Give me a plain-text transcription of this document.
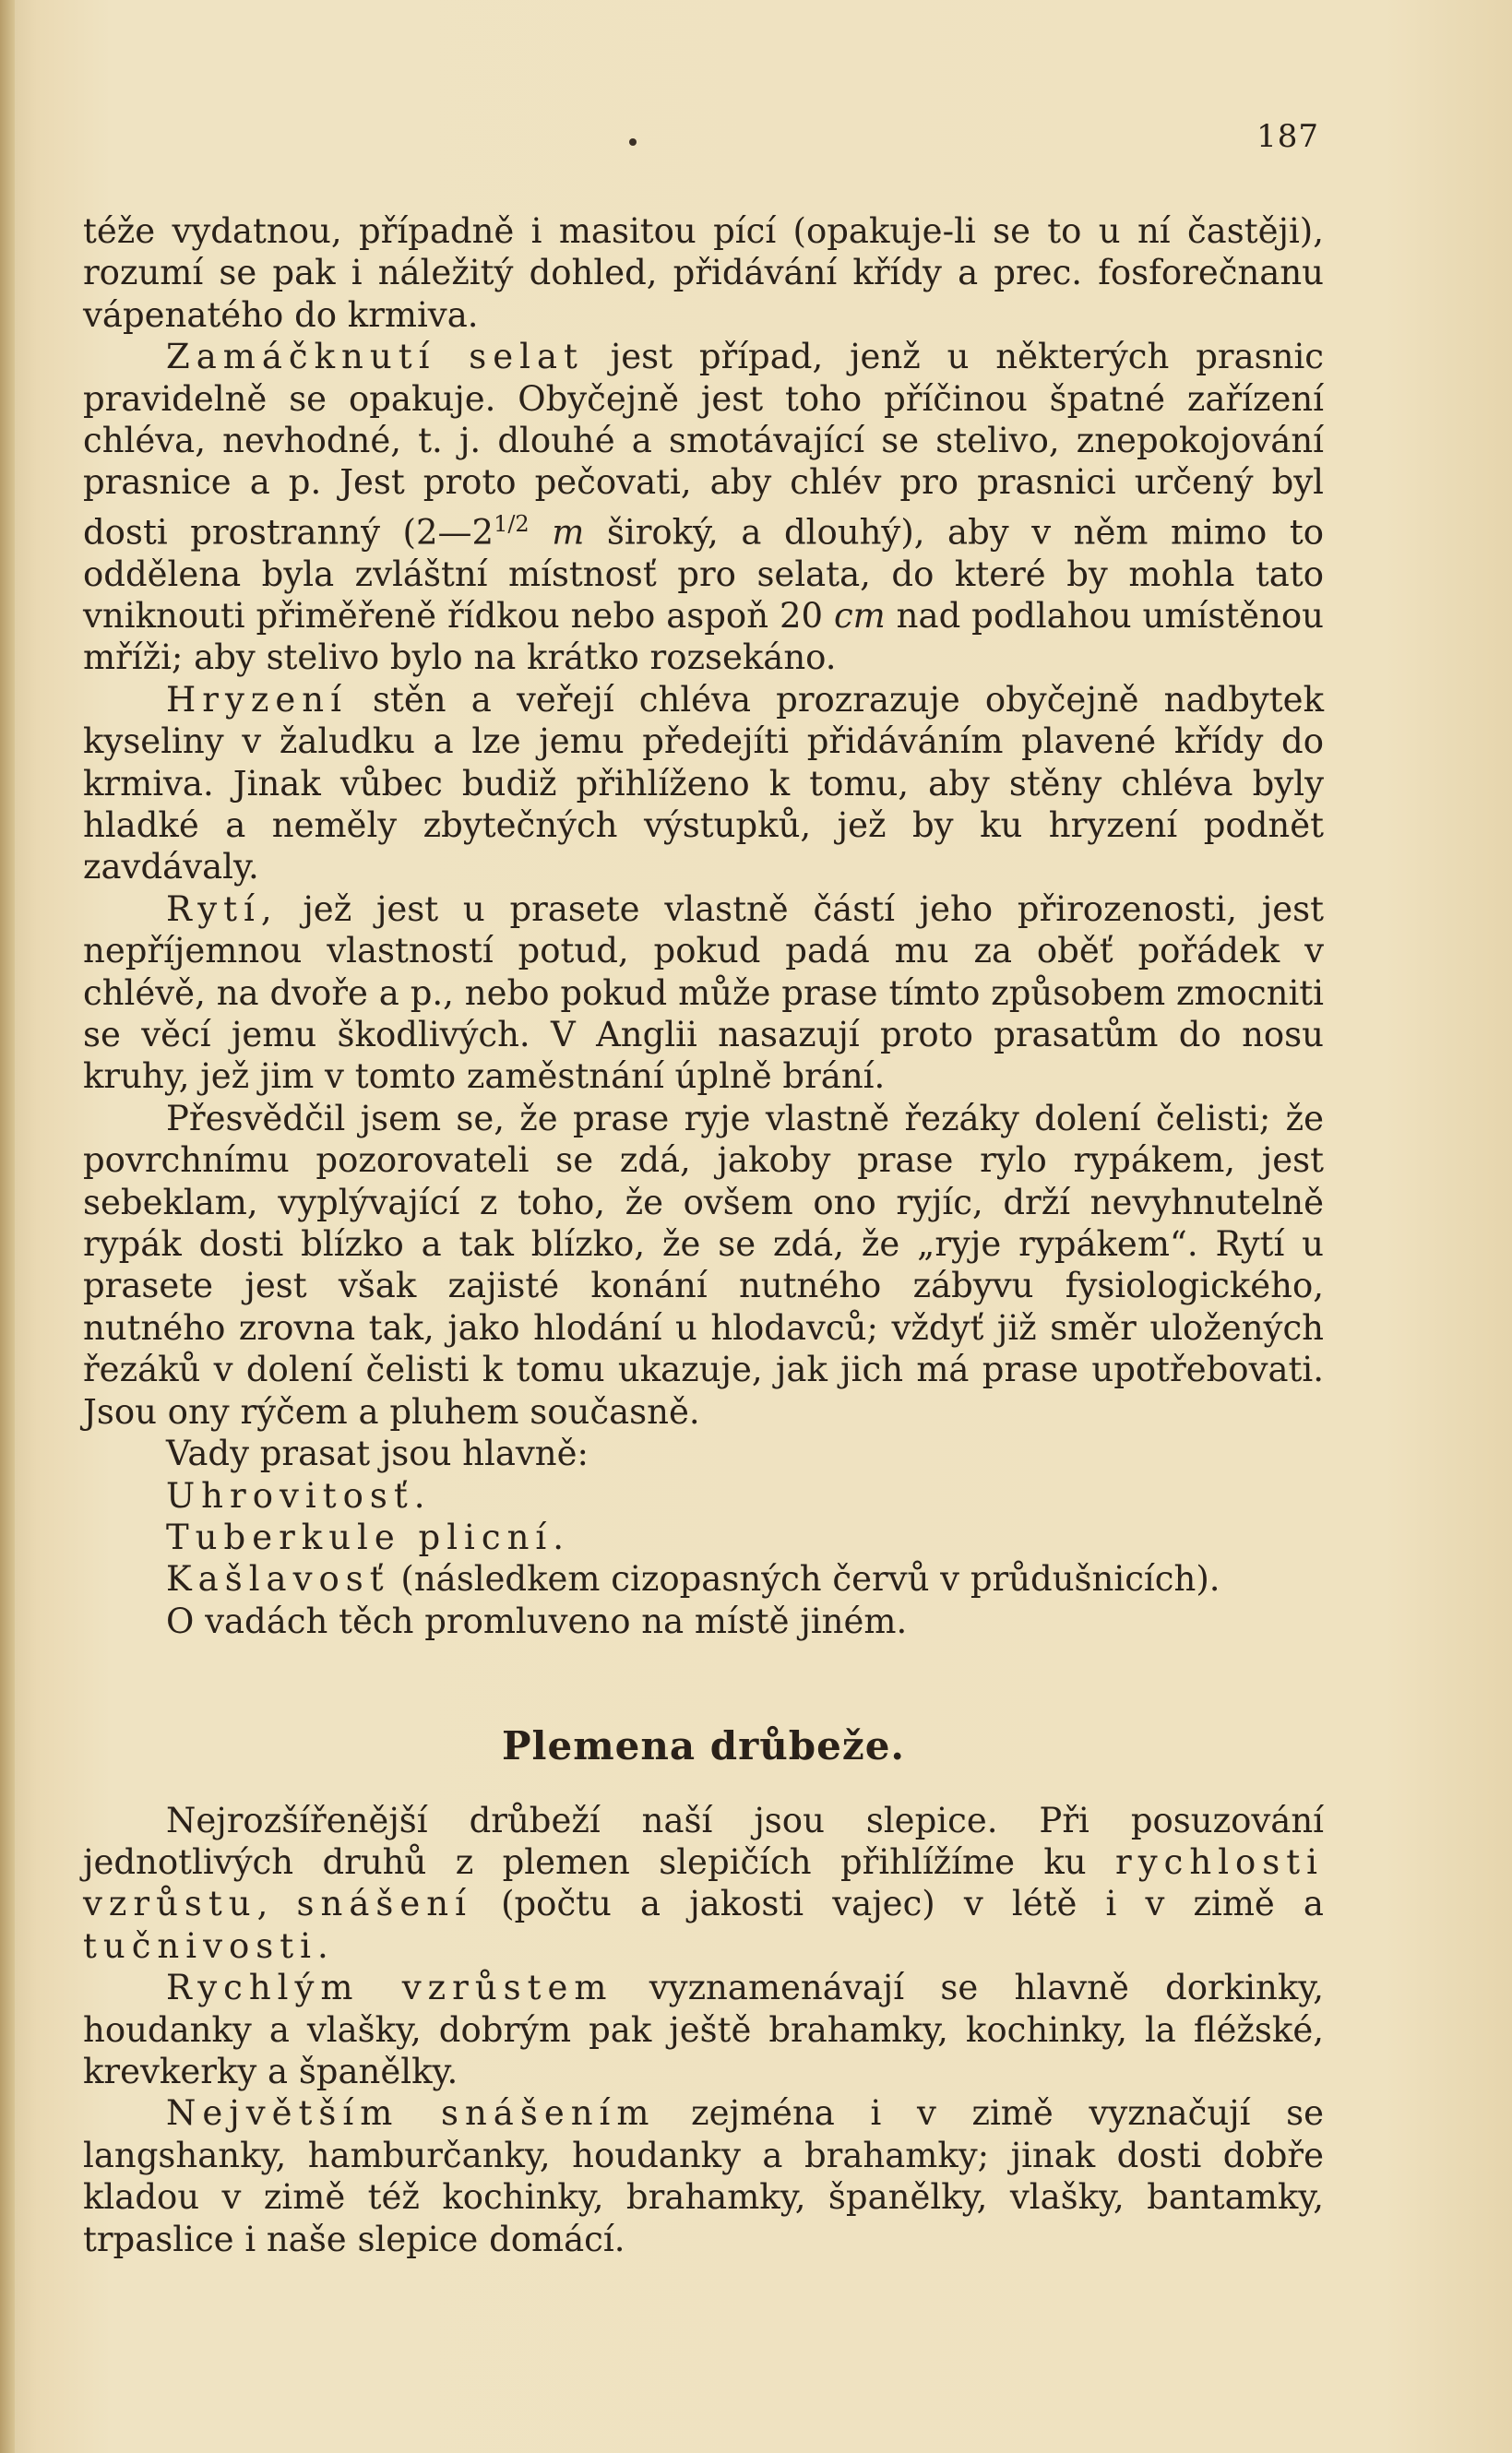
187

téže vydatnou, případně i masitou pící (opakuje-li se to u ní častěji), rozumí se pak i náležitý dohled, přidávání křídy a prec. fosforečnanu vápenatého do krmiva.

Zamáčknutí selat jest případ, jenž u některých prasnic pravidelně se opakuje. Obyčejně jest toho příčinou špatné zařízení chléva, nevhodné, t. j. dlouhé a smotávající se stelivo, znepokojování prasnice a p. Jest proto pečovati, aby chlév pro prasnici určený byl dosti prostranný ($2—2^{1/2}$ m široký, a dlouhý), aby v něm mimo to oddělena byla zvláštní místnosť pro selata, do které by mohla tato vniknouti přiměřeně řídkou nebo aspoň 20 cm nad podlahou umístěnou mříži; aby stelivo bylo na krátko rozsekáno.

Hryzení stěn a veřejí chléva prozrazuje obyčejně nadbytek kyseliny v žaludku a lze jemu předejíti přidáváním plavené křídy do krmiva. Jinak vůbec budiž přihlíženo k tomu, aby stěny chléva byly hladké a neměly zbytečných výstupků, jež by ku hryzení podnět zavdávaly.

Rytí, jež jest u prasete vlastně částí jeho přirozenosti, jest nepříjemnou vlastností potud, pokud padá mu za oběť pořádek v chlévě, na dvoře a p., nebo pokud může prase tímto způsobem zmocniti se věcí jemu škodlivých. V Anglii nasazují proto prasatům do nosu kruhy, jež jim v tomto zaměstnání úplně brání.

Přesvědčil jsem se, že prase ryje vlastně řezáky dolení čelisti; že povrchnímu pozorovateli se zdá, jakoby prase rylo rypákem, jest sebeklam, vyplývající z toho, že ovšem ono ryjíc, drží nevyhnutelně rypák dosti blízko a tak blízko, že se zdá, že „ryje rypákem“. Rytí u prasete jest však zajisté konání nutného zábyvu fysiologického, nutného zrovna tak, jako hlodání u hlodavců; vždyť již směr uložených řezáků v dolení čelisti k tomu ukazuje, jak jich má prase upotřebovati. Jsou ony rýčem a pluhem současně.

Vady prasat jsou hlavně:

Uhrovitosť.

Tuberkule plicní.

Kašlavosť (následkem cizopasných červů v průdušnicích).

O vadách těch promluveno na místě jiném.

Plemena drůbeže.

Nejrozšířenější drůbeží naší jsou slepice. Při posuzování jednotlivých druhů z plemen slepičích přihlížíme ku rychlosti vzrůstu, snášení (počtu a jakosti vajec) v létě i v zimě a tučnivosti.

Rychlým vzrůstem vyznamenávají se hlavně dorkinky, houdanky a vlašky, dobrým pak ještě brahamky, kochinky, la fléžské, krevkerky a španělky.

Největším snášením zejména i v zimě vyznačují se langshanky, hamburčanky, houdanky a brahamky; jinak dosti dobře kladou v zimě též kochinky, brahamky, španělky, vlašky, bantamky, trpaslice i naše slepice domácí.
